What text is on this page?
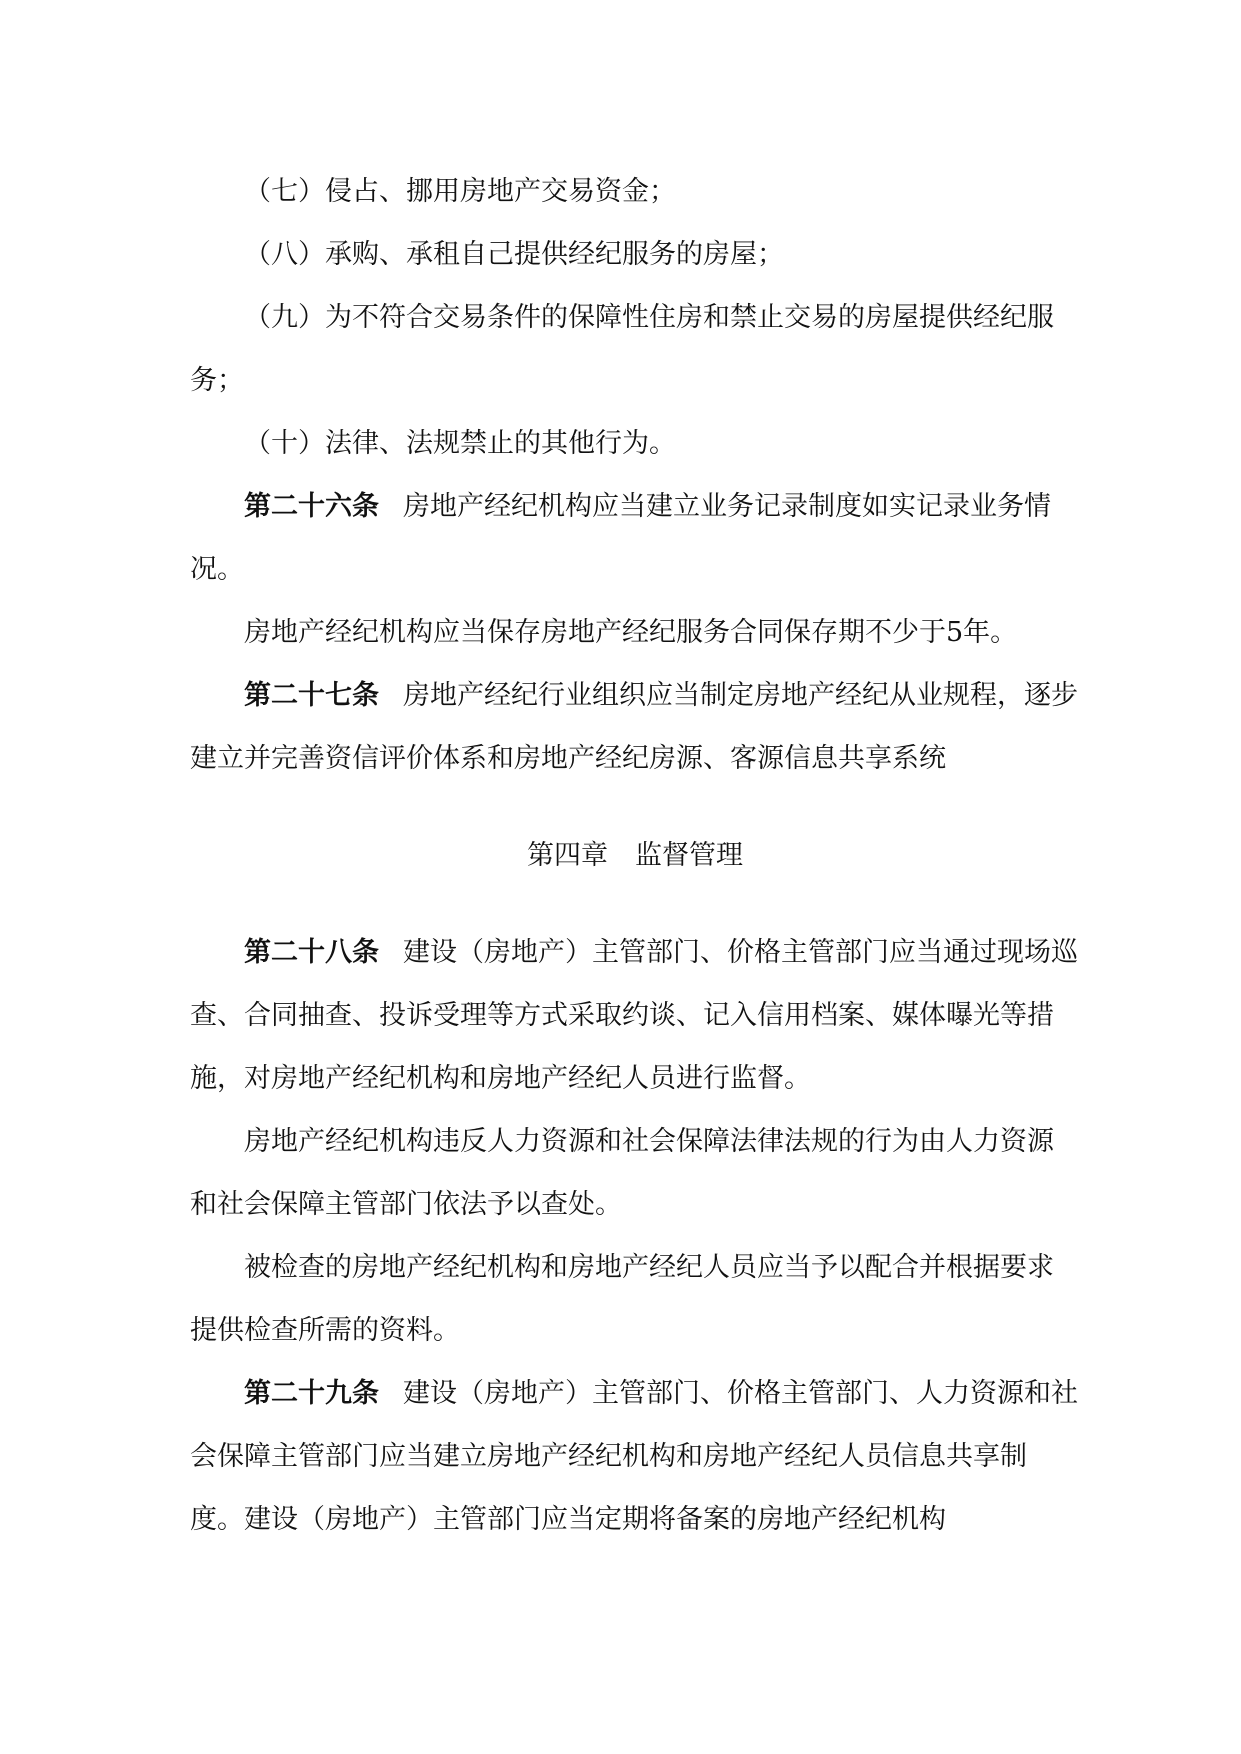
（七）侵占、挪用房地产交易资金；

（八）承购、承租自己提供经纪服务的房屋；

（九）为不符合交易条件的保障性住房和禁止交易的房屋提供经纪服务；

（十）法律、法规禁止的其他行为。

第二十六条 房地产经纪机构应当建立业务记录制度如实记录业务情况。

房地产经纪机构应当保存房地产经纪服务合同保存期不少于5年。

第二十七条 房地产经纪行业组织应当制定房地产经纪从业规程，逐步建立并完善资信评价体系和房地产经纪房源、客源信息共享系统

第四章 监督管理

第二十八条 建设（房地产）主管部门、价格主管部门应当通过现场巡查、合同抽查、投诉受理等方式采取约谈、记入信用档案、媒体曝光等措施，对房地产经纪机构和房地产经纪人员进行监督。

房地产经纪机构违反人力资源和社会保障法律法规的行为由人力资源和社会保障主管部门依法予以查处。

被检查的房地产经纪机构和房地产经纪人员应当予以配合并根据要求提供检查所需的资料。

第二十九条 建设（房地产）主管部门、价格主管部门、人力资源和社会保障主管部门应当建立房地产经纪机构和房地产经纪人员信息共享制度。建设（房地产）主管部门应当定期将备案的房地产经纪机构
